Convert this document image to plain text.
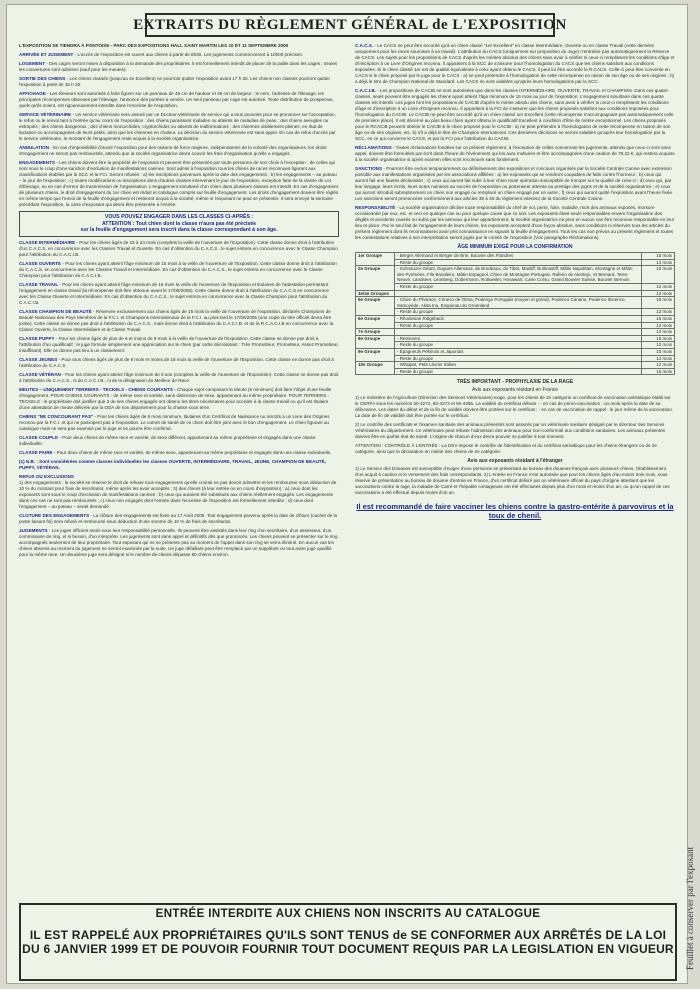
EXTRAITS DU RÈGLEMENT GÉNÉRAL de L'EXPOSITION
L'EXPOSITION SE TIENDRA À PONTOISE - PARC DES EXPOSITIONS HALL SAINT MARTIN LES 10 ET 11 SEPTEMBRE 2005
ARRIVÉE ET JUGEMENT - L'accès de l'exposition est ouvert aux chiens à partir de 8h30. Les jugements commenceront à 10h00 précises.
LOGEMENT - Des cages seront mises à disposition à la demande des propriétaires. Il est formellement interdit de placer de la paille dans les cages ; seules les couvertures sont admises (sauf pour les meutes).
SORTIE DES CHIENS - Les chiens classés (jusqu'au 4e Excellent) ne pourront quitter l'exposition avant 17 h 30. Les chiens non classés pourront quitter l'exposition à partir de 15 h 30.
AFFICHAGE - Les éleveurs sont autorisés à faire figurer sur un panneau de 45 cm de hauteur et 35 cm de largeur : le nom, l'adresse de l'élevage, les principales récompenses obtenues par l'élevage, l'annonce des portées à vendre. Un seul panneau par cage est autorisé. Toute distribution de prospectus, quels qu'ils soient, est rigoureusement interdite dans l'enceinte de l'exposition.
SERVICE VÉTÉRINAIRE - Un service vétérinaire sera assuré par un Docteur-vétérinaire de service qui a tous pouvoirs pour se prononcer sur l'acceptation, le refus ou le renvoi tant à l'entrée qu'au cours de l'exposition : des chiens paraissant malades ou atteints de maladies de peau ; des chiens aveugles ou estropiés ; des chiens dangereux ; des chiens monorchides, cryptorchides ou atteints de malformations ; des chiennes visiblement pleines, en état de lactation ou accompagnées de leurs petits, ainsi que les chiennes en chaleur. La décision du service vétérinaire est sans appel. En cas de refus d'accès par le service vétérinaire, le montant de l'engagement reste acquis à la société organisatrice.
ANNULATION - En cas d'impossibilité d'ouvrir l'exposition pour des raisons de force majeure, indépendantes de la volonté des organisateurs, les droits d'engagement ne seront pas remboursés, attendu que la société organisatrice devra couvrir les frais d'organisation qu'elle a engagés.
ENGAGEMENTS - Les chiens doivent être la propriété de l'exposant et peuvent être présentés par toute personne de son choix à l'exception : de celles qui sont sous le coup d'une sanction d'exclusion de manifestations canines. Sont admis à l'exposition tous les chiens de races reconnues figurant aux classifications établies par la SCC et la FCI. Seront refusés : a) les inscriptions parvenues après la date des engagements ; b) les engagements – au poteau – le jour de l'exposition ; c) toutes modifications ou inscriptions dans d'autres classes intervenant le jour de l'exposition, exception faite de la classe de Lot d'Élevage, ou en cas d'erreur de transmission de l'organisation. L'engagement simultané d'un chien dans plusieurs classes est interdit. En cas d'engagement de plusieurs chiens, le droit d'engagement du 1er chien est réduit et catalogue compris sur feuille d'engagement. Les droits d'engagement doivent être réglés en même temps que l'envoi de la feuille d'engagement et resteront acquis à la société, même si l'exposant ne peut se présenter. Il sera envoyé la semaine précédant l'exposition, la carte d'exposant qui devra être présentée à l'entrée.
VOUS POUVEZ ENGAGER DANS LES CLASSES CI-APRÈS :
ATTENTION : Tout chien dont la classe n'aura pas été précisée
sur la feuille d'engagement sera inscrit dans la classe correspondant à son âge.
CLASSE INTERMÉDIAIRE - Pour les chiens âgés de 15 à 24 mois (complets la veille de l'ouverture de l'Exposition). Cette classe donne droit à l'attribution d'un C.A.C.S. en concurrence avec les Classes Travail et Ouverte. En cas d'obtention du C.A.C.S., le sujet entrera en concurrence avec le Classe Champion pour l'attribution du C.A.C.I.B.
CLASSE OUVERTE - Pour les chiens ayant atteint l'âge minimum de 15 mois à la veille de l'ouverture de l'Exposition. Cette classe donne droit à l'attribution du C.A.C.S. en concurrence avec les Classes Travail et Intermédiaire. En cas d'obtention du C.A.C.S., le sujet entrera en concurrence avec le Classe Champion pour l'attribution du C.A.C.I.B.
CLASSE TRAVAIL - Pour les chiens ayant atteint l'âge minimum de 15 mois la veille de l'ouverture de l'Exposition et titulaires de l'attestation permettant l'engagement en classe travail (la récompense doit être obtenue avant le 17/08/2005). Cette classe donne droit à l'attribution du C.A.C.S en concurrence avec les Classe Ouverte et Intermédiaire. En cas d'obtention du C.A.C.S., le sujet entrera en concurrence avec la Classe Champion pour l'attribution du C.A.C.I.B.
CLASSE CHAMPION DE BEAUTÉ - Réservée exclusivement aux chiens âgés de 15 mois la veille de l'ouverture de l'exposition, déclarés Champions de Beauté Nationaux des Pays Membres de la F.C.I. et Champions Internationaux de la F.C.I. au plus tard le 17/08/2005 (une copie du titre officiel devra être jointe). Cette classe ne donne pas droit à l'attribution du C.A.C.S., mais donne droit à l'attribution du C.A.C.I.B. et de la R.C.A.C.I.B en concurrence avec la Classe Ouverte, la Classe Intermédiaire et la Classe Travail.
CLASSE PUPPY - Pour les chiens âgés de plus de 6 et moins de 9 mois à la veille de l'ouverture de l'Exposition. Cette classe ne donne pas droit à l'attribution d'un qualificatif ; le juge formule simplement une appréciation sur le chien (par ordre décroissant : Très Prometteur, Prometteur, Assez Prometteur, Insuffisant). Elle ne donne pas lieu à un classement.
CLASSE JEUNES - Pour tous chiens âgés de plus de 9 mois et moins de 18 mois la veille de l'ouverture de l'Exposition. Cette classe ne donne pas droit à l'attribution du C.A.C.S.
CLASSE VÉTÉRAN - Pour les chiens ayant atteint l'âge minimum de 8 ans (complets la veille de l'ouverture de l'Exposition). Cette classe ne donne pas droit à l'attribution du C.A.C.S., ni du C.A.C.I.B., ni de la désignation du Meilleur de Race.
MEUTES – UNIQUEMENT TERRIERS - TECKELS - CHIENS COURANTS - Chaque sujet composant la Meute (6 minimum) doit faire l'objet d'une feuille d'engagement. POUR CHIENS COURANTS : de même race et variété, sans distinction de sexe, appartenant au même propriétaire. POUR TERRIERS - TECKELS : le propriétaire doit justifier que 3 de ses chiens engagés ont obtenu les titres nécessaires pour accéder à la classe travail ou qu'il est titulaire d'une attestation de meute délivrée par la ODA de son département pour la chasse sous terre.
CHIENS "NE CONCOURANT PAS" - Pour les chiens âgés de 6 mois minimum, titulaires d'un Certificat de Naissance ou inscrits à un Livre des Origines reconnu par la F.C.I. et qui ne participent pas à l'exposition. Le carnet de santé de ce chien doit être joint avec le bon d'engagement. Le chien figurant au catalogue mais ne sera pas examiné par le juge et ne pourra être confirmé.
CLASSE COUPLE - Pour deux chiens de même race et variété, de sexe différent, appartenant au même propriétaire et engagés dans une classe individuelle.
CLASSE PAIRE - Pour deux chiens de même race et variété, de même sexe, appartenant au même propriétaire et engagés dans une classe individuelle.
(1) N.B. : Sont considérées comme classes individuelles les classes OUVERTE, INTERMÉDIAIRE, TRAVAIL, JEUNE, CHAMPION DE BEAUTÉ, PUPPY, VÉTÉRAN.
REFUS OU EXCLUSIONS
1) des engagements : la société se réserve le droit de refuser tous engagements qu'elle croirait ne pas devoir admettre et les rembourser sous déduction de 10 % du montant pour frais de secrétariat, même après les avoir acceptés ; 2) des chiens (à leur entrée ou en cours d'exposition) : a) ceux dont les exposants sont sous le coup d'exclusion de manifestations canines ; b) ceux qui auraient été substitués aux chiens réellement engagés. Les engagements dans ces cas ne sont pas remboursés ; c) ceux non engagés dont l'entrée dans l'enceinte de l'exposition est formellement interdite ; d) ceux dont l'engagement – au poteau – serait demandé.
CLOTURE DES ENGAGEMENTS - La clôture des engagements est fixée au 17 Août 2005. Tout engagement parvenu après la date de clôture (cachet de la poste faisant foi) sera refusé et remboursé sous déduction d'une somme de 10 % de frais de secrétariat.
JUGEMENTS - Les juges officient seuls sous leur responsabilité personnelle. Ils peuvent être assistés dans leur ring d'un secrétaire, d'un assesseur, d'un commissaire de ring, et si besoin, d'un interprète. Les jugements sont sans appel et définitifs dès que prononcés. Les chiens peuvent se présenter sur le ring accompagnés seulement de leur propriétaire. Tout exposant qui ne se présente pas au moment de l'appel dans son ring se verra éliminé. En aucun cas les chiens absents au moment du jugement ne seront examinés par la suite. Un juge défaillant peut être remplacé par un suppléant ou tout autre juge qualifié pour la même race. Un deuxième juge sera désigné si le nombre de chiens dépasse 80 chiens environ.
C.A.C.S. - Le CACS ne peut être accordé qu'à un chien classé "1er Excellent" en classe Intermédiaire, Ouverte ou en classe Travail (cette dernière uniquement pour les races soumises à un travail). L'attribution du CACS (uniquement sur proposition du Juge) n'entraîne pas automatiquement la Réserve de CACS. Les sujets pour les propositions de CACS d'après les mérites absolus des chiens sans avoir à vérifier si ceux-ci remplissent les conditions d'âge et d'inscription à un Livre d'Origines reconnu. Il appartient à la SCC de s'assurer pour l'homologation du CACS que les chiens satisfont aux conditions imposées. Si le chien classé 1er est de qualité équivalente à celui ayant obtenu le CACS, il peut lui être accordé la R.CACS. Celle-ci peut être convertie en CACS si le chien proposé par le juge pour le CACS : a) ne peut prétendre à l'homologation de cette récompense en raison de son âge ou de ses origines ; b) a déjà le titre de Champion National de Standard. Les CACS ne sont valables qu'après leurs homologations par la SCC.
C.A.C.I.B. - Les propositions de CACIB ne sont autorisées que dans les classes INTERMÉDIAIRE, OUVERTE, TRAVAIL et CHAMPION. Dans ces quatre classes, seuls peuvent être engagés les chiens ayant atteint l'âge minimum de 15 mois au jour de l'exposition. L'engagement simultané dans ces quatre classes est interdit. Les juges font les propositions de CACIB d'après le mérite absolu des chiens, sans avoir à vérifier si ceux-ci remplissent les conditions d'âge et d'inscription à un Livre d'Origines reconnu. Il appartient à la FCI de s'assurer que les chiens proposés satisfont aux conditions imposées pour l'homologation du CACIB. Le CACIB ne peut être accordé qu'à un chien classé 1er Excellent (cette récompense n'accompagnant pas automatiquement celle de première place). Il est décerné au plus beau chien ayant obtenu le qualificatif Excellent à condition d'être de mérite exceptionnel. Les chiens proposés pour le RCACIB peuvent obtenir le CACIB si le chien proposé pour le CACIB : a) ne peut prétendre à l'homologation de cette récompense en raison de son âge ou de ses origines, etc. b) s'il a déjà le titre de Champion International. Ces dernières décisions ne seront valables qu'après leur homologation par la SCC, en ce qui concerne le CACS, et par la FCI pour l'attribution du CACIB.
RÉCLAMATIONS - Toutes réclamations fondées sur ce présent règlement, à l'exception de celles concernant les jugements, attendu que ceux-ci sont sans appel, doivent être formulées par écrit dans l'heure de l'événement qui les aura motivées et être accompagnées d'une caution de 76,22 €, qui restera acquise à la société organisatrice si après examen elles sont reconnues sans fondement.
SANCTIONS - Pourront être exclus temporairement ou définitivement des expositions et concours organisés par la Société Centrale Canine avec extension possible aux manifestations organisées par les associations affiliées : a) les exposants qui se rendront coupables de faits contre l'honneur ; b) ceux qui auront fait une fausse déclaration ; c) ceux qui auront fait subir à leur chien toute opération susceptible de tromper sur la qualité de celui-ci ; d) ceux qui, par leur langage, leurs écrits, leurs actes nuiraient au succès de l'exposition ou porteraient atteinte au prestige des juges et de la société organisatrice ; e) ceux qui auront introduit subrepticement un chien non engagé ou remplacé un chien engagé par un autre ; f) ceux qui auront quitté l'exposition avant l'heure fixée. Les sanctions seront prononcées conformément aux articles 38 à 36 du règlement intérieur de la Société Centrale Canine.
RESPONSABILITÉ - La société organisatrice décline toute responsabilité du chef de vol, perte, fuite, maladie, mort des animaux exposés, morsure occasionnée par eux, etc. et ceci en quelque cas ou pour quelque cause que ce soit. Les exposants étant seuls responsables envers l'organisation des dégâts et accidents causés ou subis par les animaux qui leur appartiennent, la société organisatrice ne peut en aucun cas être reconnue responsable en leur lieu et place. Par le seul fait de l'engagement de leurs chiens, les exposants acceptent d'une façon absolue, sans conditions ni réserves tous les articles du présent règlement dont ils reconnaissent avoir pris connaissance en signant la feuille d'engagement. Tous les cas non prévus au présent règlement et toutes les contestations relatives à son interprétation seront jugés par le comité de l'exposition (Voir paragraphe Réclamations).
ÂGE MINIMUM EXIGÉ POUR LA CONFIRMATION
1er Groupe	- Berger Allemand et Berger de Brie, Bouvier des Flandres	15 mois
	- Reste du groupe	12 mois
2e Groupe	- Schnauzer Géant, Dogues Allemand, de Bordeaux, du Tibet, Mastiff, Bullmastiff, Mâtin Napolitain, Montagne et Mâtin des Pyrénées, Fila Brasileiro, Mâtin Espagnol, Chien de Montagne Portugais, Rafeiro de Alentejo, St Bernard, Terre-Neuve, Landseer, Leonberg, Dobermann, Rottweiler, Hovawart, Cane Corso, Grand Bouvier Suisse, Bouvier Bernois	15 mois
	- Reste du groupe	12 mois
3e/4e Groupes		12 mois
5e Groupe	- Chien du Pharaon, Cirneco de l'Etna, Podengo Portugais (moyen et grand), Podenco Canario, Podenco Ibicenco, Samoyède, Akita Inu, Esquimau du Groenland	15 mois
	- Reste du groupe	12 mois
6e Groupe	- Rhodesian Ridgeback	15 mois
	- Reste du groupe	12 mois
7e Groupe		12 mois
8e Groupe	- Retrievers	15 mois
	- Reste du groupe	12 mois
9e Groupe	- Épagneuls Pékinois et Japonais	10 mois
	- Reste du groupe	12 mois
10e Groupe	- Whippet, Petit Lévrier Italien	12 mois
	- Reste du groupe	15 mois
TRÈS IMPORTANT - PROPHYLAXIE DE LA RAGE
Avis aux exposants résidant en France
1) Le ministère de l'Agriculture (Direction des Services Vétérinaires) exige, pour les chiens de 2e catégorie un certificat de vaccination antirabique établi sur le CERFA sous les numéros 50-4272, 50-4273 et 50-4286. La validité du certificat débute : - en cas de primo-vaccination : un mois après la date de sa délivrance. Les dates du début et de la fin de validité doivent être portées sur le certificat ; - en cas de vaccination de rappel : le jour même de la vaccination. La date de fin de validité doit être portée sur le certificat.
2) Le contrôle des certificats et l'examen sanitaire des animaux présentés sont assurés par un vétérinaire sanitaire désigné par le directeur des Services Vétérinaires du département. Ce vétérinaire peut refuser l'admission des animaux pour non-conformité aux conditions sanitaires. Les animaux présentés doivent être en parfait état de santé. L'origine de chacun d'eux devra pouvoir se justifier à tout moment.
ATTENTION : CONTRÔLE À L'ENTRÉE : La DSV impose le contrôle de l'identification et du certificat antirabique pour les chiens étrangers ou de 2e catégorie, ainsi que la déclaration en mairie des chiens de 2e catégorie.
Avis aux exposants résidant à l'étranger
1) Le Service des Douanes est susceptible d'exiger d'une personne se présentant au bureau des douanes français avec plusieurs chiens, l'établissement d'un acquit à caution et le versement des frais correspondants. 2) L'entrée en France n'est autorisée que pour les chiens âgés d'au moins trois mois, sous réserve de présentation au bureau de douane d'entrée en France, d'un certificat délivré par un vétérinaire officiel du pays d'origine attestant que les vaccinations contre la rage, la maladie de Carré et l'hépatite contagieuse ont été effectuées depuis plus d'un mois et moins d'un an, ou qu'un rappel de ces vaccinations a été effectué depuis moins d'un an.
Il est recommandé de faire vacciner les chiens contre la gastro-entérite à parvovirus et la toux de chenil.
ENTRÉE INTERDITE AUX CHIENS NON INSCRITS AU CATALOGUE
IL EST RAPPELÉ AUX PROPRIÉTAIRES QU'ILS SONT TENUS de SE CONFORMER AUX ARRÊTÉS DE LA LOI
DU 6 JANVIER 1999 ET DE POUVOIR FOURNIR TOUT DOCUMENT REQUIS PAR LA LEGISLATION EN VIGUEUR Feuillet à conserver par l'exposant
